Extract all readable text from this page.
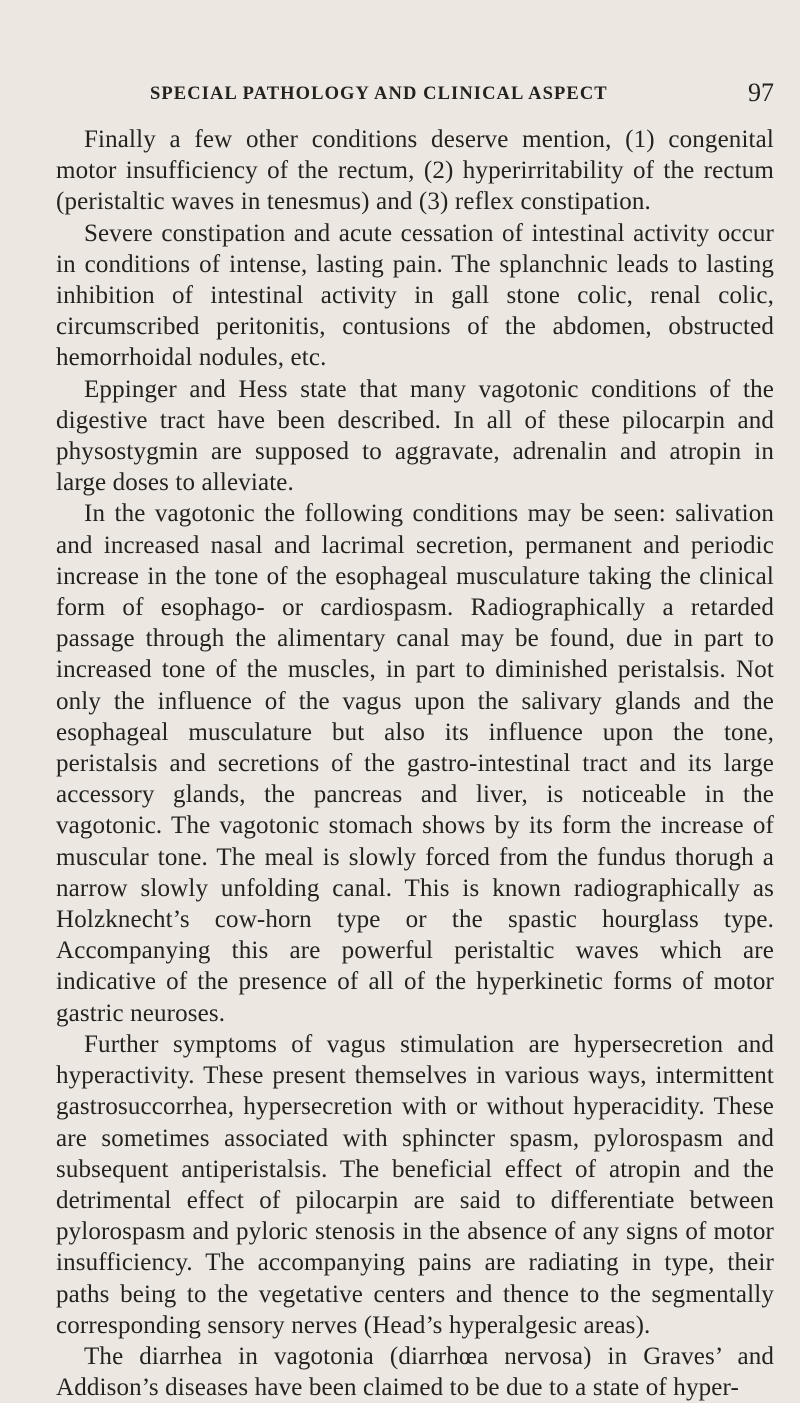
SPECIAL PATHOLOGY AND CLINICAL ASPECT	97

Finally a few other conditions deserve mention, (1) congenital motor insufficiency of the rectum, (2) hyperirritability of the rectum (peristaltic waves in tenesmus) and (3) reflex constipation.

Severe constipation and acute cessation of intestinal activity occur in conditions of intense, lasting pain. The splanchnic leads to lasting inhibition of intestinal activity in gall stone colic, renal colic, circumscribed peritonitis, contusions of the abdomen, obstructed hemorrhoidal nodules, etc.

Eppinger and Hess state that many vagotonic conditions of the digestive tract have been described. In all of these pilocarpin and physostygmin are supposed to aggravate, adrenalin and atropin in large doses to alleviate.

In the vagotonic the following conditions may be seen: salivation and increased nasal and lacrimal secretion, permanent and periodic increase in the tone of the esophageal musculature taking the clinical form of esophago- or cardiospasm. Radiographically a retarded passage through the alimentary canal may be found, due in part to increased tone of the muscles, in part to diminished peristalsis. Not only the influence of the vagus upon the salivary glands and the esophageal musculature but also its influence upon the tone, peristalsis and secretions of the gastro-intestinal tract and its large accessory glands, the pancreas and liver, is noticeable in the vagotonic. The vagotonic stomach shows by its form the increase of muscular tone. The meal is slowly forced from the fundus thorugh a narrow slowly unfolding canal. This is known radiographically as Holzknecht’s cow-horn type or the spastic hourglass type. Accompanying this are powerful peristaltic waves which are indicative of the presence of all of the hyperkinetic forms of motor gastric neuroses.

Further symptoms of vagus stimulation are hypersecretion and hyperactivity. These present themselves in various ways, intermittent gastrosuccorrhea, hypersecretion with or without hyperacidity. These are sometimes associated with sphincter spasm, pylorospasm and subsequent antiperistalsis. The beneficial effect of atropin and the detrimental effect of pilocarpin are said to differentiate between pylorospasm and pyloric stenosis in the absence of any signs of motor insufficiency. The accompanying pains are radiating in type, their paths being to the vegetative centers and thence to the segmentally corresponding sensory nerves (Head’s hyperalgesic areas).

The diarrhea in vagotonia (diarrhœa nervosa) in Graves’ and Addison’s diseases have been claimed to be due to a state of hyper-
